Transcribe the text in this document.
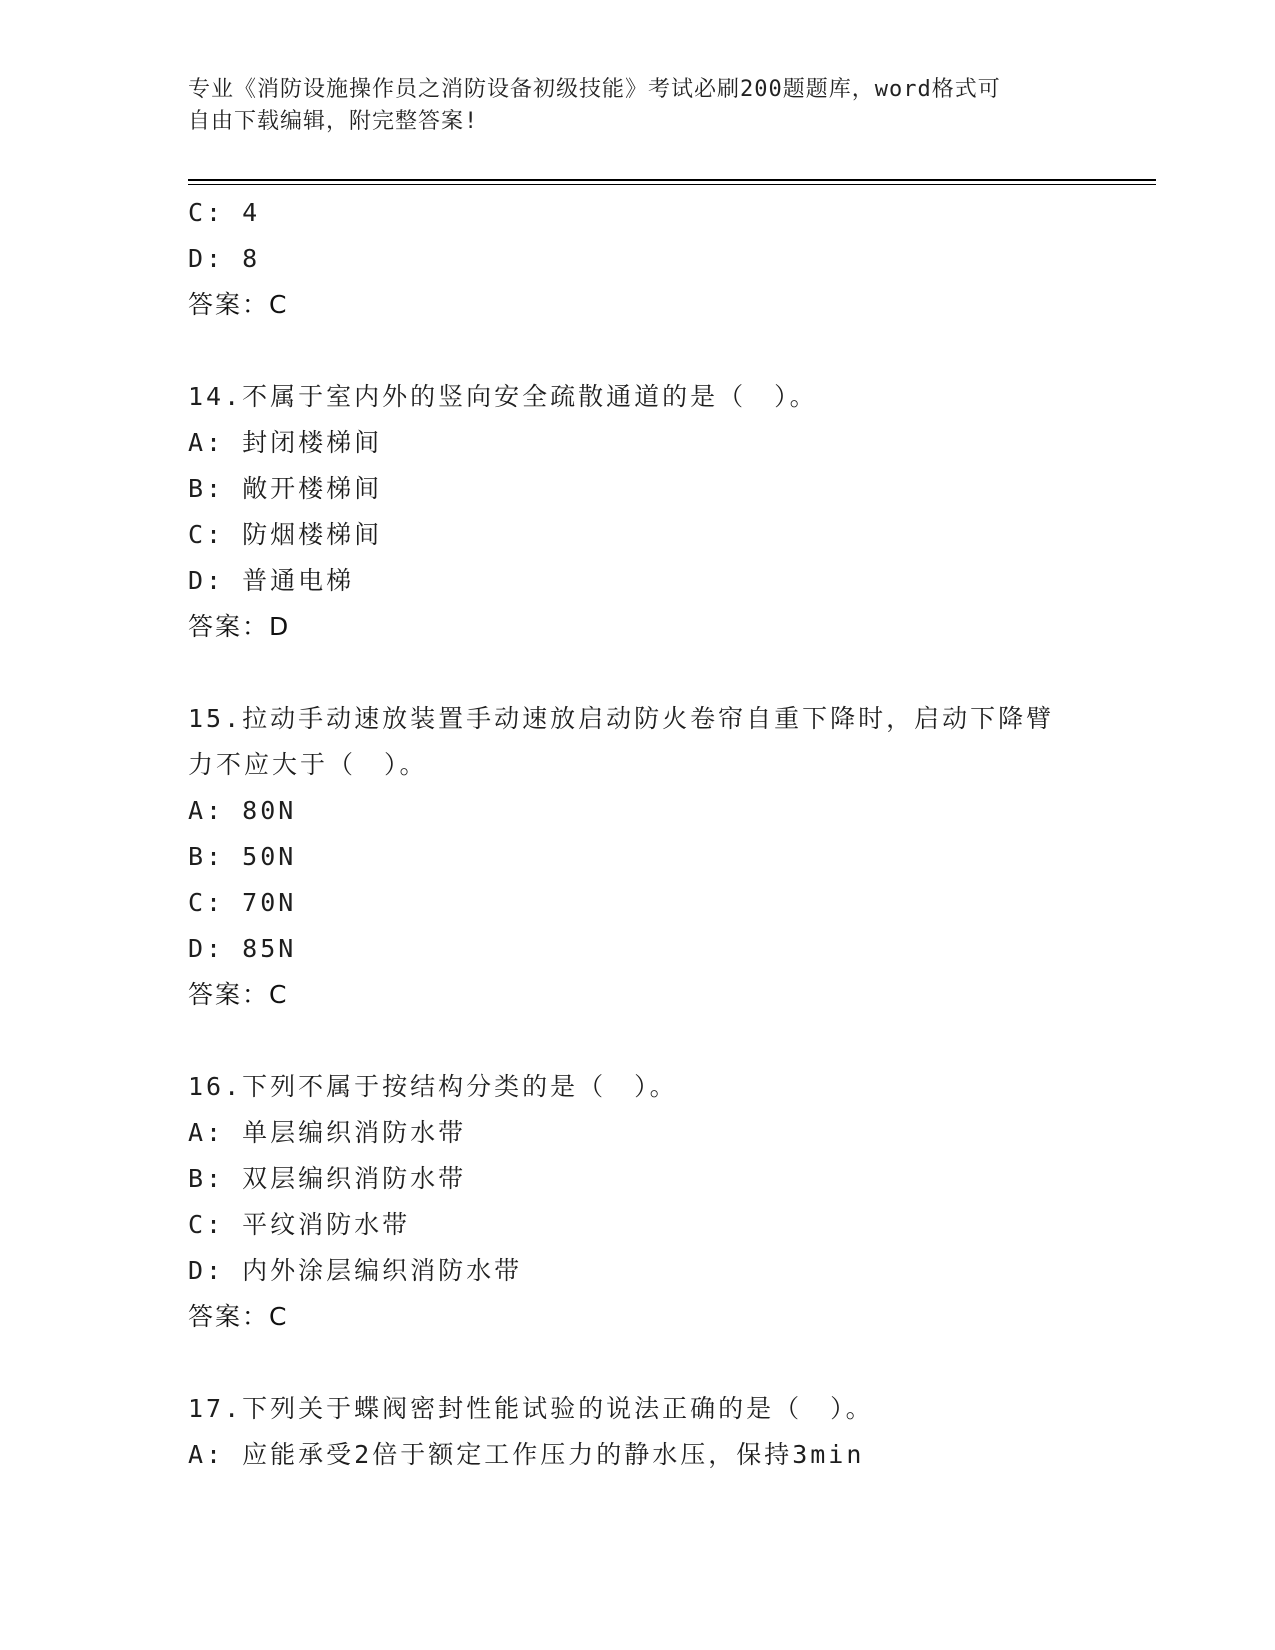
专业《消防设施操作员之消防设备初级技能》考试必刷200题题库，word格式可
自由下载编辑，附完整答案!
C: 4
D: 8
答案：C
14.不属于室内外的竖向安全疏散通道的是（　）。
A: 封闭楼梯间
B: 敞开楼梯间
C: 防烟楼梯间
D: 普通电梯
答案：D
15.拉动手动速放装置手动速放启动防火卷帘自重下降时，启动下降臂
力不应大于（　）。
A: 80N
B: 50N
C: 70N
D: 85N
答案：C
16.下列不属于按结构分类的是（　）。
A: 单层编织消防水带
B: 双层编织消防水带
C: 平纹消防水带
D: 内外涂层编织消防水带
答案：C
17.下列关于蝶阀密封性能试验的说法正确的是（　）。
A: 应能承受2倍于额定工作压力的静水压，保持3min
